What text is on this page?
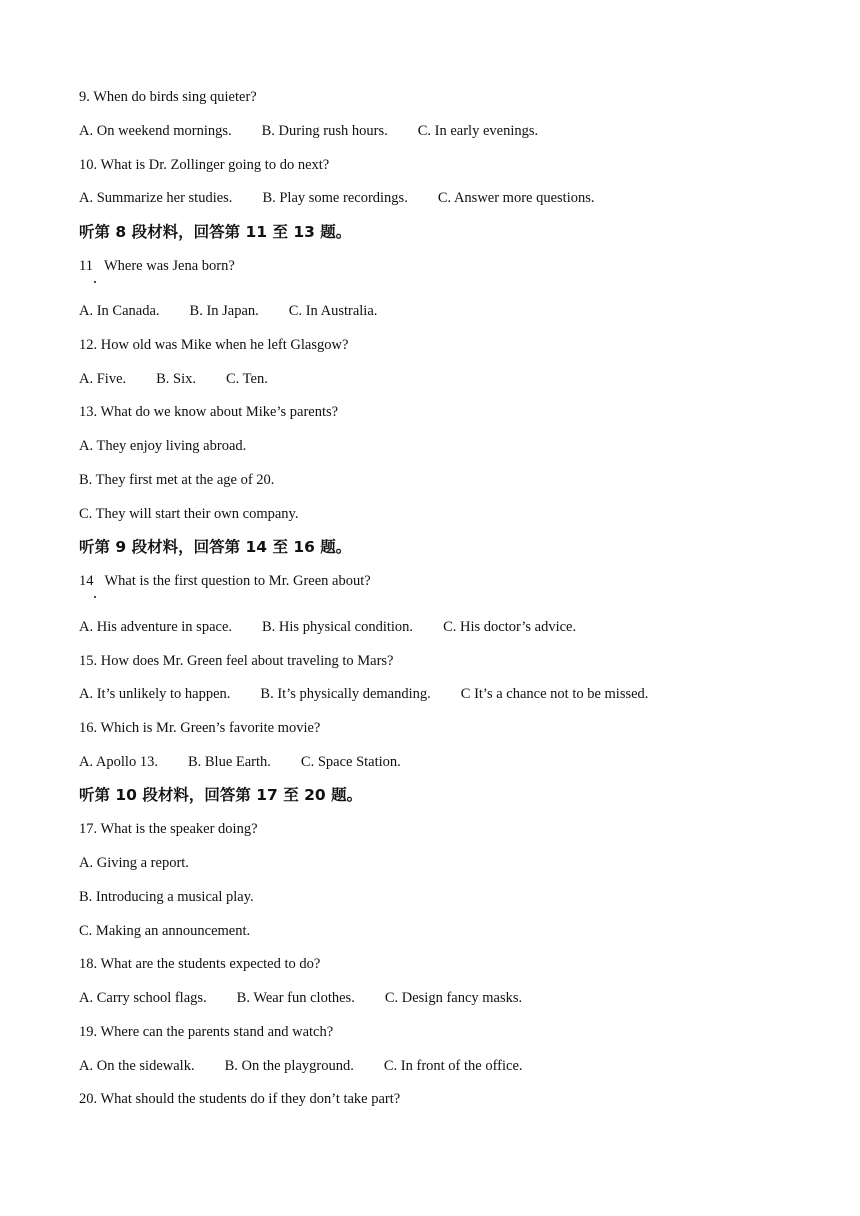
9. When do birds sing quieter?
A. On weekend mornings. B. During rush hours. C. In early evenings.
10. What is Dr. Zollinger going to do next?
A. Summarize her studies. B. Play some recordings. C. Answer more questions.
听第 8 段材料，回答第 11 至 13 题。
11 Where was Jena born?
A. In Canada. B. In Japan. C. In Australia.
12. How old was Mike when he left Glasgow?
A. Five. B. Six. C. Ten.
13. What do we know about Mike’s parents?
A. They enjoy living abroad.
B. They first met at the age of 20.
C. They will start their own company.
听第 9 段材料，回答第 14 至 16 题。
14 What is the first question to Mr. Green about?
A. His adventure in space. B. His physical condition. C. His doctor’s advice.
15. How does Mr. Green feel about traveling to Mars?
A. It’s unlikely to happen. B. It’s physically demanding. C It’s a chance not to be missed.
16. Which is Mr. Green’s favorite movie?
A. Apollo 13. B. Blue Earth. C. Space Station.
听第 10 段材料，回答第 17 至 20 题。
17. What is the speaker doing?
A. Giving a report.
B. Introducing a musical play.
C. Making an announcement.
18. What are the students expected to do?
A. Carry school flags. B. Wear fun clothes. C. Design fancy masks.
19. Where can the parents stand and watch?
A. On the sidewalk. B. On the playground. C. In front of the office.
20. What should the students do if they don’t take part?
